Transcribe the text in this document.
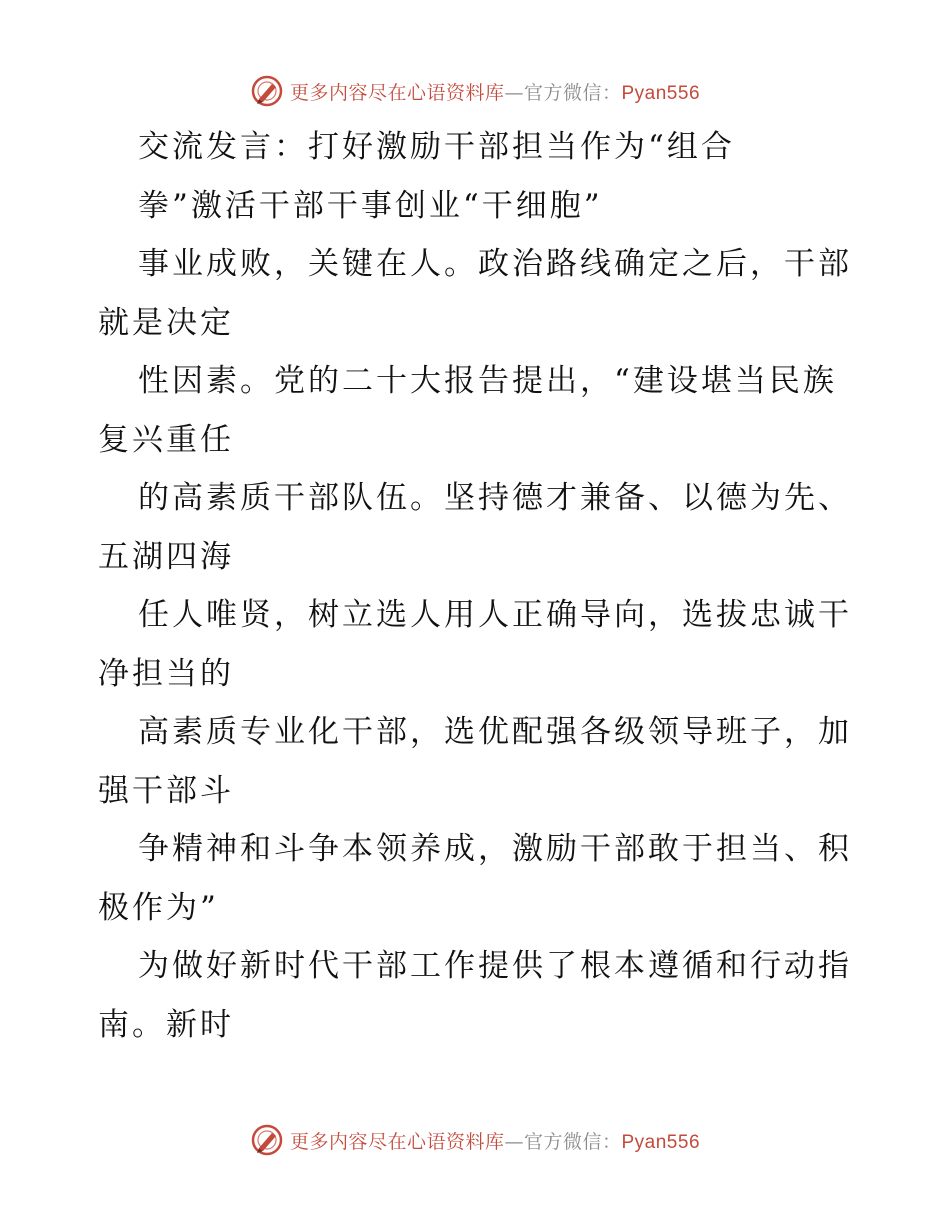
更多内容尽在心语资料库—官方微信：Pyan556
交流发言：打好激励干部担当作为“组合
拳”激活干部干事创业“干细胞”
事业成败，关键在人。政治路线确定之后，干部
就是决定
性因素。党的二十大报告提出，“建设堪当民族
复兴重任
的高素质干部队伍。坚持德才兼备、以德为先、
五湖四海
任人唯贤，树立选人用人正确导向，选拔忠诚干
净担当的
高素质专业化干部，选优配强各级领导班子，加
强干部斗
争精神和斗争本领养成，激励干部敢于担当、积
极作为”
为做好新时代干部工作提供了根本遵循和行动指
南。新时
更多内容尽在心语资料库—官方微信：Pyan556
